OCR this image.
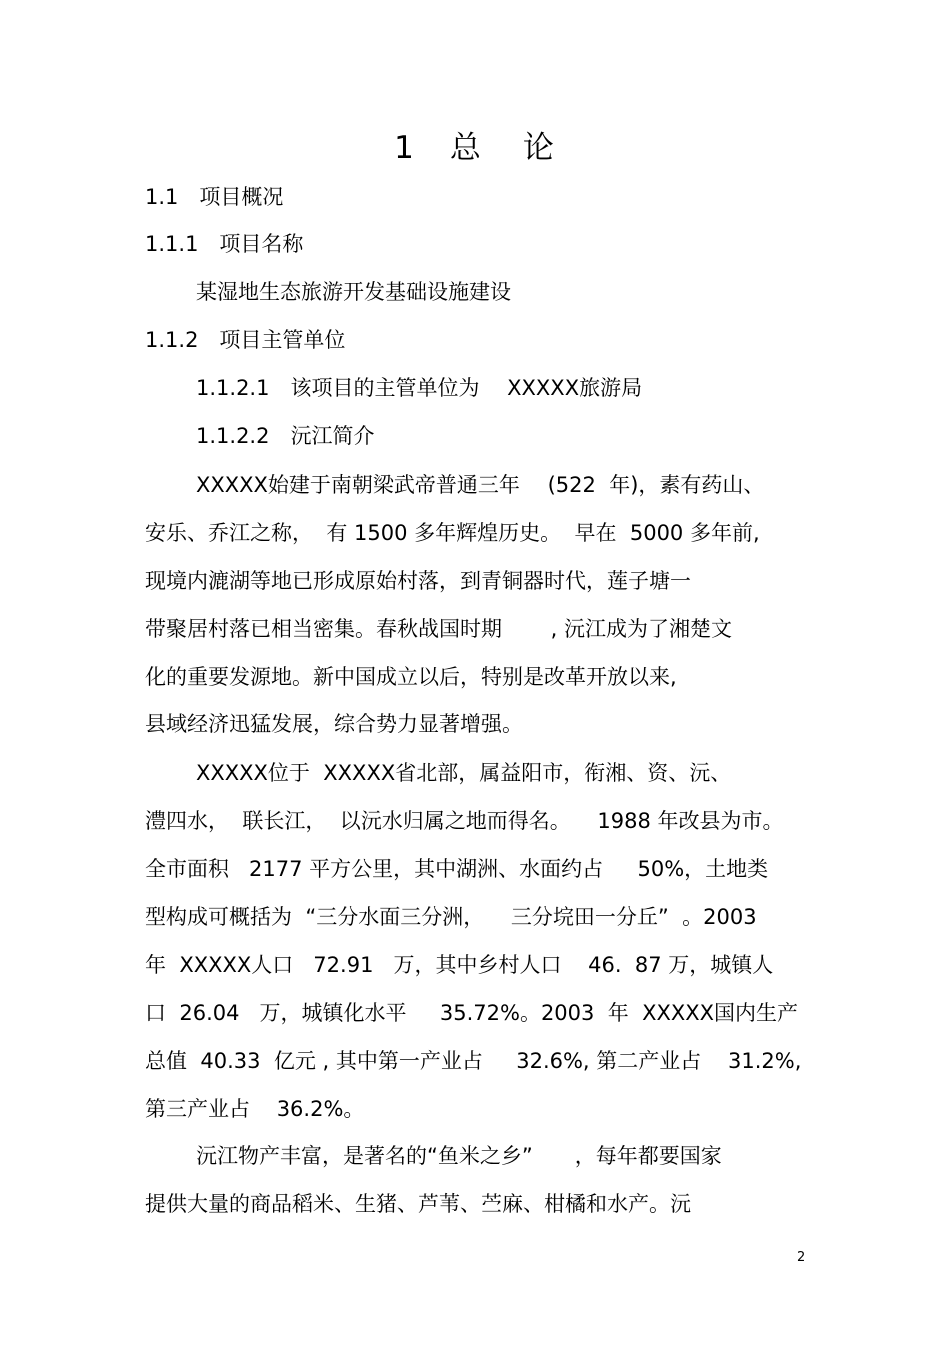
1 总 论
1.1　项目概况
1.1.1　项目名称
某湿地生态旅游开发基础设施建设
1.1.2　项目主管单位
1.1.2.1　该项目的主管单位为　 XXXXX旅游局
1.1.2.2　沅江简介
XXXXX始建于南朝梁武帝普通三年　 (522  年)，素有药山、
安乐、乔江之称，  有 1500 多年辉煌历史。  早在  5000 多年前,
现境内漉湖等地已形成原始村落，到青铜器时代，莲子塘一
带聚居村落已相当密集。春秋战国时期　　 , 沅江成为了湘楚文
化的重要发源地。新中国成立以后，特别是改革开放以来,
县域经济迅猛发展，综合势力显著增强。
XXXXX位于  XXXXX省北部，属益阳市，衔湘、资、沅、
澧四水，  联长江，  以沅水归属之地而得名。    1988 年改县为市。
全市面积   2177 平方公里，其中湖洲、水面约占　  50%，土地类
型构成可概括为  “三分水面三分洲，    三分垸田一分丘”  。2003
年  XXXXX人口   72.91   万，其中乡村人口    46.  87 万，城镇人
口  26.04   万，城镇化水平     35.72%。2003  年  XXXXX国内生产
总值  40.33  亿元 , 其中第一产业占     32.6%, 第二产业占    31.2%,
第三产业占    36.2%。
沅江物产丰富，是著名的“鱼米之乡”　　，每年都要国家
提供大量的商品稻米、生猪、芦苇、苎麻、柑橘和水产。沅
2
